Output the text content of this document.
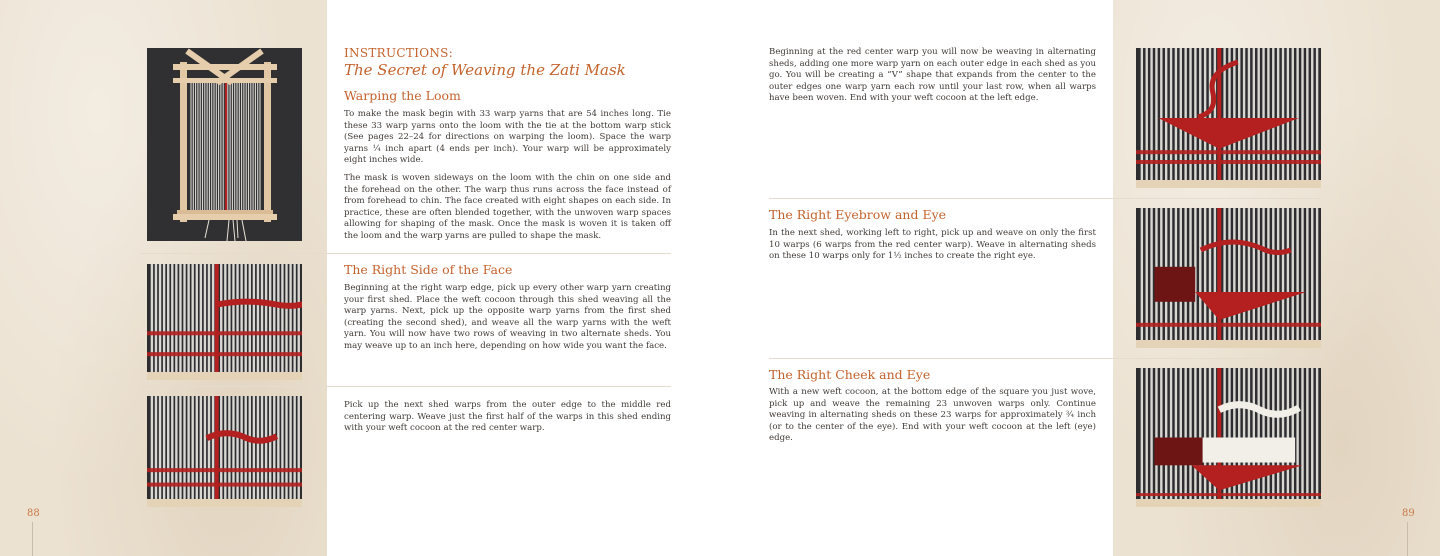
88	89
INSTRUCTIONS:
The Secret of Weaving the Zati Mask
Warping the Loom

To make the mask begin with 33 warp yarns that are 54 inches long. Tie these 33 warp yarns onto the loom with the tie at the bottom warp stick (See pages 22–24 for directions on warping the loom). Space the warp yarns ¼ inch apart (4 ends per inch). Your warp will be approximately eight inches wide.

The mask is woven sideways on the loom with the chin on one side and the forehead on the other. The warp thus runs across the face instead of from forehead to chin. The face created with eight shapes on each side. In practice, these are often blended together, with the unwoven warp spaces allowing for shaping of the mask. Once the mask is woven it is taken off the loom and the warp yarns are pulled to shape the mask.

The Right Side of the Face

Beginning at the right warp edge, pick up every other warp yarn creating your first shed. Place the weft cocoon through this shed weaving all the warp yarns. Next, pick up the opposite warp yarns from the first shed (creating the second shed), and weave all the warp yarns with the weft yarn. You will now have two rows of weaving in two alternate sheds. You may weave up to an inch here, depending on how wide you want the face.

Pick up the next shed warps from the outer edge to the middle red centering warp. Weave just the first half of the warps in this shed ending with your weft cocoon at the red center warp.

Beginning at the red center warp you will now be weaving in alternating sheds, adding one more warp yarn on each outer edge in each shed as you go. You will be creating a “V” shape that expands from the center to the outer edges one warp yarn each row until your last row, when all warps have been woven. End with your weft cocoon at the left edge.

The Right Eyebrow and Eye

In the next shed, working left to right, pick up and weave on only the first 10 warps (6 warps from the red center warp). Weave in alternating sheds on these 10 warps only for 1½ inches to create the right eye.

The Right Cheek and Eye

With a new weft cocoon, at the bottom edge of the square you just wove, pick up and weave the remaining 23 unwoven warps only. Continue weaving in alternating sheds on these 23 warps for approximately ¾ inch (or to the center of the eye). End with your weft cocoon at the left (eye) edge.
